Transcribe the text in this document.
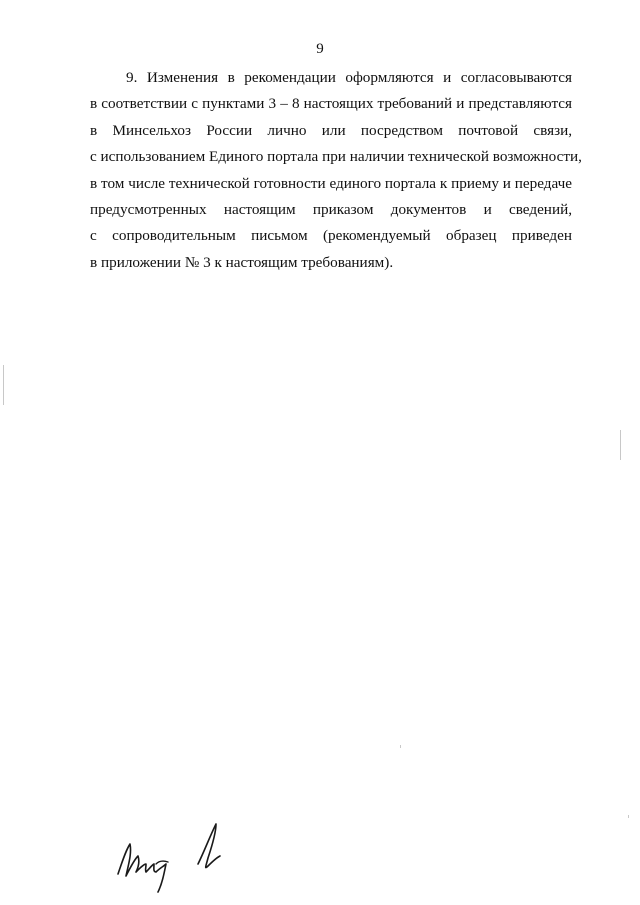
9
9. Изменения в рекомендации оформляются и согласовываются
в соответствии с пунктами 3 – 8 настоящих требований и представляются
в Минсельхоз России лично или посредством почтовой связи,
с использованием Единого портала при наличии технической возможности,
в том числе технической готовности единого портала к приему и передаче
предусмотренных настоящим приказом документов и сведений,
с сопроводительным письмом (рекомендуемый образец приведен
в приложении № 3 к настоящим требованиям).
